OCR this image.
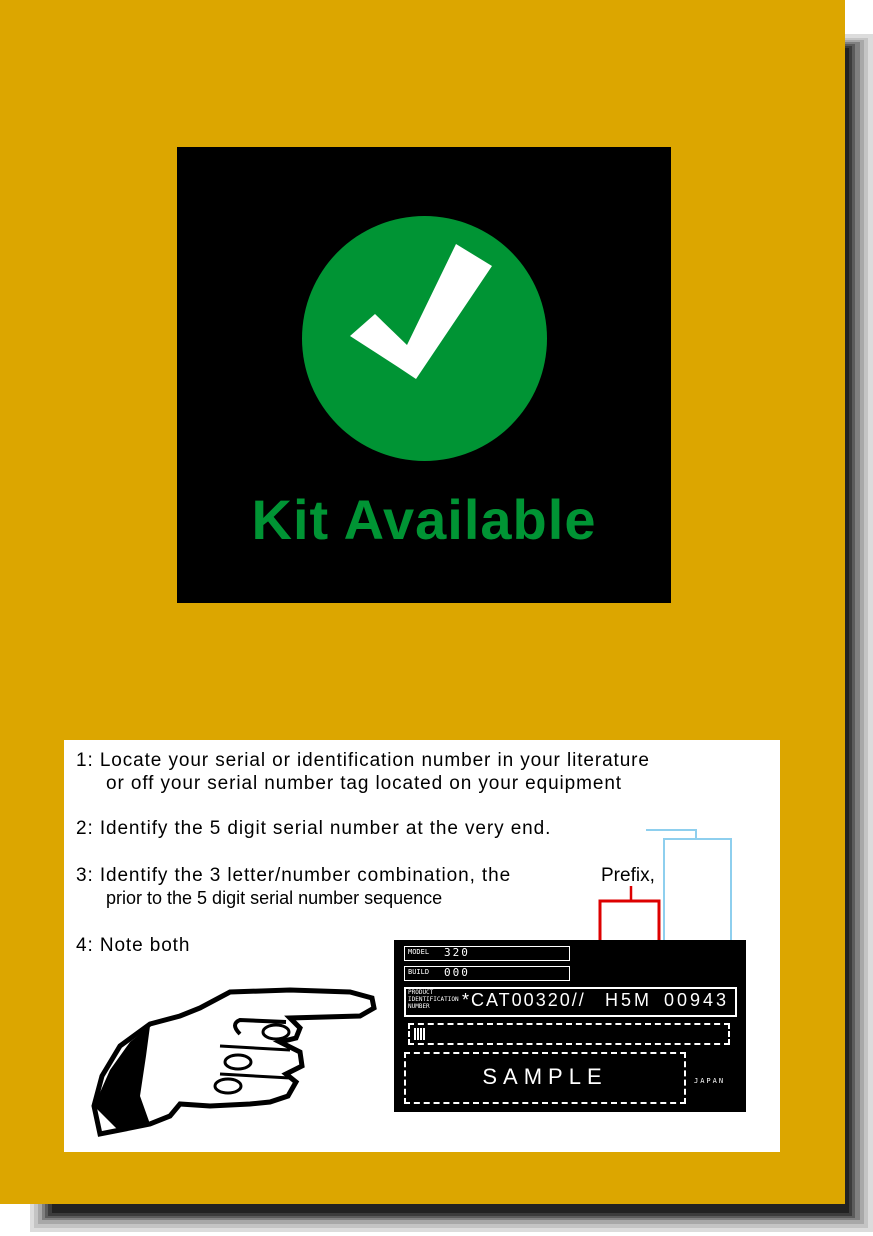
Kit Available
1: Locate your serial or identification number in your literature
or off your serial number tag located on your equipment
2: Identify the 5 digit serial number at the very end.
3: Identify the 3 letter/number combination, the	Prefix,
prior to the 5 digit serial number sequence
4: Note both	MODEL 320
BUILD 000
PRODUCT
IDENTIFICATION
NUMBER	*CAT00320// H5M 00943
SAMPLE	JAPAN
